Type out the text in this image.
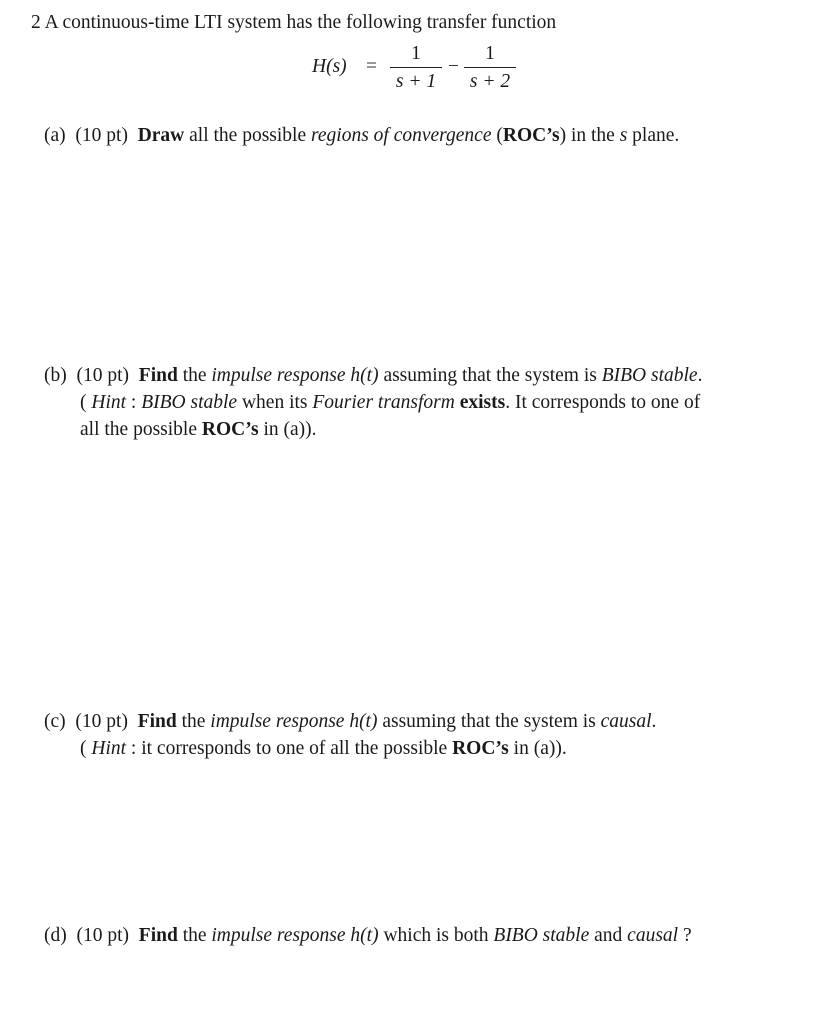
2 A continuous-time LTI system has the following transfer function
H(s) =
1
s + 1
−
1
s + 2
(a) (10 pt) Draw all the possible regions of convergence (ROC’s) in the s plane.
(b) (10 pt) Find the impulse response h(t) assuming that the system is BIBO stable.
( Hint : BIBO stable when its Fourier transform exists. It corresponds to one of
all the possible ROC’s in (a)).
(c) (10 pt) Find the impulse response h(t) assuming that the system is causal.
( Hint : it corresponds to one of all the possible ROC’s in (a)).
(d) (10 pt) Find the impulse response h(t) which is both BIBO stable and causal ?
